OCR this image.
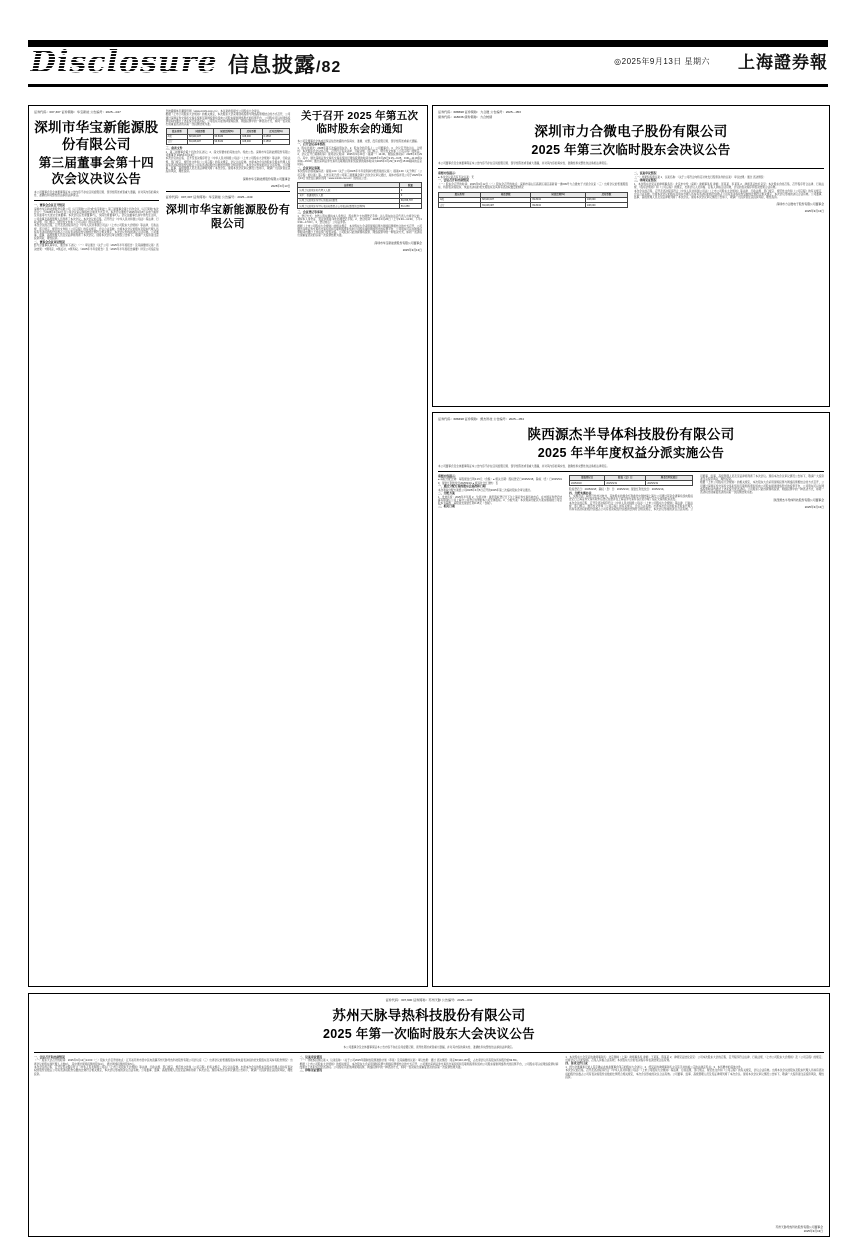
Disclosure 信息披露/82	◎2025年9月13日 星期六 上海證券報
证券代码：007,307 证券简称：华宝新能 公告编号：2025—047
深圳市华宝新能源股份有限公司
第三届董事会第十四次会议决议公告
本公司董事会及全体董事保证本公告内容不存在任何虚假记载、误导性陈述或者重大遗漏，并对其内容的真实性、准确性和完整性依法承担法律责任。
一、董事会会议召开情况
深圳市华宝新能源股份有限公司（以下简称"公司"或"华宝新能"）第三届董事会第十四次会议（以下简称"本次会议"）于2025年9月12日在公司会议室以现场结合通讯方式召开。本次会议通知于2025年9月8日以电子邮件及书面等方式送达全体董事。本次会议应出席董事7人，实际出席董事7人。会议由董事长孙中伟先生主持，公司监事及高级管理人员列席了本次会议。本次会议的召集、召开符合《中华人民共和国公司法》等法律、行政法规、部门规章、规范性文件和《公司章程》的有关规定。
本次会议的召集、召开及表决程序符合《中华人民共和国公司法》《上市公司股东大会规则》等法律、行政法规、部门规章、规范性文件和《公司章程》的有关规定，会议合法有效。出席本次会议的股东及股东代理人所持有表决权的股份总数占公司有表决权股份总数的比例符合相关规定，本次会议形成的决议合法有效。公司董事、监事、高级管理人员及见证律师列席了本次会议。现将本次会议审议情况公告如下，敬请广大投资者注意投资风险，理性投资。
二、董事会会议审议情况
经与会董事认真审议，通过如下决议：（一）审议通过《关于公司〈2025年半年度报告〉及其摘要的议案》表决结果：7票同意，0票反对，0票弃权。《2025年半年度报告》及《2025年半年度报告摘要》详见公司指定信息披露媒体巨潮资讯网（www.cninfo.com.cn）。本议案尚需提交公司股东大会审议。
根据《上市公司股东大会规则》的相关规定，本次股东大会采用现场投票与网络投票相结合的方式召开，公司通过深圳证券交易所交易系统和互联网投票系统向公司股东提供网络形式的投票平台，公司股东可以在网络投票时间内通过上述系统行使表决权。公司股东只能选择现场投票、网络投票中的一种表决方式，如同一表决权出现重复表决的以第一次投票结果为准。
股东类型	同意票数	同意比例(%)	反对票数	反对比例(%)
A股	68,940,187	99.8432	108,000	0.1563
合计	69,048,487	99.8432	108,000	0.1563
三、备查文件
1、第三届董事会第十四次会议决议；2、深交所要求的其他文件。特此公告。深圳市华宝新能源股份有限公司董事会 2025年9月13日
本次会议的召集、召开及表决程序符合《中华人民共和国公司法》《上市公司股东大会规则》等法律、行政法规、部门规章、规范性文件和《公司章程》的有关规定，会议合法有效。出席本次会议的股东及股东代理人所持有表决权的股份总数占公司有表决权股份总数的比例符合相关规定，本次会议形成的决议合法有效。公司董事、监事、高级管理人员及见证律师列席了本次会议。现将本次会议审议情况公告如下，敬请广大投资者注意投资风险，理性投资。
深圳市华宝新能源股份有限公司董事会
2025年9月13日
证券代码：007,307 证券简称：华宝新能 公告编号：2025—049
深圳市华宝新能源股份有限公司
关于召开 2025 年第五次临时股东会的通知
本公司及董事会全体成员保证信息披露的内容真实、准确、完整，没有虚假记载、误导性陈述或重大遗漏。
一、召开会议基本情况
1、股东会届次：2025年第五次临时股东会。2、股东会的召集人：公司董事会。3、会议召开的合法、合规性：本次股东会会议的召集、召开符合有关法律、行政法规、部门规章、规范性文件和《公司章程》的规定。4、会议召开日期和时间：现场会议时间：2025年9月29日（星期一）14:30。网络投票时间：2025年9月29日。其中，通过深圳证券交易所交易系统进行网络投票的时间为2025年9月29日9:15—9:25、9:30—11:30和13:00—15:00；通过深圳证券交易所互联网投票系统投票的具体时间为2025年9月29日9:15至15:00期间的任意时间。
二、会议审议事项
本次股东会提案编码表：提案1.00《关于公司2025年半年度利润分配预案的议案》；提案2.00《关于修订〈公司章程〉的议案》等。上述议案已经公司第三届董事会第十四次会议审议通过，具体内容详见公司于2025年9月13日刊登在巨潮资讯网（www.cninfo.com.cn）的相关公告。
出席项目	数量
出席会议的股东和代理人人数	9
其中：普通股股东人数	9
出席会议的股东所持有的表决权数量	69,156,787
出席会议的股东所持有表决权数量占公司表决权数量的比例(%)	56.1358
三、会议登记等事项
1、登记方式：自然人股东须持本人身份证、股东账户卡办理登记手续；法人股东由法定代表人出席会议的，须持本人身份证、营业执照复印件办理登记手续。2、登记时间：2025年9月26日（上午9:30—11:30，下午13:30—17:00）。3、登记地点：公司证券部。
根据《上市公司股东大会规则》的相关规定，本次股东大会采用现场投票与网络投票相结合的方式召开，公司通过深圳证券交易所交易系统和互联网投票系统向公司股东提供网络形式的投票平台，公司股东可以在网络投票时间内通过上述系统行使表决权。公司股东只能选择现场投票、网络投票中的一种表决方式，如同一表决权出现重复表决的以第一次投票结果为准。
深圳市华宝新能源股份有限公司董事会
2025年9月13日
证券代码：688698 证券简称：力合微 公告编号：2025—053
债券代码：118036 债券简称：力合转债
深圳市力合微电子股份有限公司
2025 年第三次临时股东会决议公告
本公司董事会及全体董事保证本公告内容不存在任何虚假记载、误导性陈述或者重大遗漏，并对其内容的真实性、准确性和完整性依法承担法律责任。
重要内容提示：
● 本次会议是否有否决议案：无
一、会议召开和出席情况
（一）股东会召开的时间：2025年9月12日（二）股东会召开的地点：深圳市南山区高新区南区高新南一道009号力合微电子大厦会议室（三）出席会议的普通股股东、特别表决权股东、恢复表决权的优先股股东及其持有表决权数量的情况
股东类型	同意票数	同意比例(%)	反对票数
A股	68,940,187	99.8432	108,000
合计	69,048,487	99.8432	108,000
二、议案审议情况
（一）非累积投票议案 1、议案名称：《关于公司符合向特定对象发行股票条件的议案》 审议结果：通过 表决情况：
三、律师见证情况
1、本次股东会见证的律师事务所：北京市中伦（深圳）律师事务所 律师：张某某、李某某 2、律师见证结论意见：本次股东会的召集、召开程序符合法律、行政法规、《股东会规则》和《公司章程》的规定，出席会议人员资格、召集人资格合法有效，会议的表决程序和表决结果合法有效。
本次会议的召集、召开及表决程序符合《中华人民共和国公司法》《上市公司股东大会规则》等法律、行政法规、部门规章、规范性文件和《公司章程》的有关规定，会议合法有效。出席本次会议的股东及股东代理人所持有表决权的股份总数占公司有表决权股份总数的比例符合相关规定，本次会议形成的决议合法有效。公司董事、监事、高级管理人员及见证律师列席了本次会议。现将本次会议审议情况公告如下，敬请广大投资者注意投资风险，理性投资。
深圳市力合微电子股份有限公司董事会
2025年9月13日
证券代码：688498 证券简称：源杰科技 公告编号：2025—054
陕西源杰半导体科技股份有限公司
2025 年半年度权益分派实施公告
本公司董事会及全体董事保证本公告内容不存在任何虚假记载、误导性陈述或者重大遗漏，并对其内容的真实性、准确性和完整性依法承担法律责任。
重要内容提示：
● 每股分配比例：每股现金红利0.15元（含税）● 相关日期：股权登记日2025/9/18，除权（息）日2025/9/19，现金红利发放日2025/9/19 ● 差异化分红送转：否
一、通过分配方案的股东会届次和日期
本次利润分配方案经公司2025年9月5日召开的2025年第二次临时股东会审议通过。
二、分配方案
1、发放年度：2025年半年度 2、分派对象：截至股权登记日下午上海证券交易所收市后，在中国证券登记结算有限责任公司上海分公司登记在册的本公司全体股东。3、分配方案：本次利润分配以方案实施前的公司总股本为基数，每股派发现金红利0.15元（含税）。
三、相关日期
股权登记日	除权（息）日	现金红利发放日
2025/9/18	2025/9/19	2025/9/19
股权登记日：2025/9/18；除权（息）日：2025/9/19；现金红利发放日：2025/9/19。
四、分配实施办法
1、实施办法：除自行发放对象外，其他股东的现金红利委托中国结算上海分公司通过其资金清算系统向股权登记日上海证券交易所收市后登记在册并在上海证券交易所各会员办理了指定交易的股东派发。
本次会议的召集、召开及表决程序符合《中华人民共和国公司法》《上市公司股东大会规则》等法律、行政法规、部门规章、规范性文件和《公司章程》的有关规定，会议合法有效。出席本次会议的股东及股东代理人所持有表决权的股份总数占公司有表决权股份总数的比例符合相关规定，本次会议形成的决议合法有效。公司董事、监事、高级管理人员及见证律师列席了本次会议。现将本次会议审议情况公告如下，敬请广大投资者注意投资风险，理性投资。
根据《上市公司股东大会规则》的相关规定，本次股东大会采用现场投票与网络投票相结合的方式召开，公司通过深圳证券交易所交易系统和互联网投票系统向公司股东提供网络形式的投票平台，公司股东可以在网络投票时间内通过上述系统行使表决权。公司股东只能选择现场投票、网络投票中的一种表决方式，如同一表决权出现重复表决的以第一次投票结果为准。
陕西源杰半导体科技股份有限公司董事会
2025年9月13日
证券代码：307,600 证券简称：苏州天脉 公告编号：2025—032
苏州天脉导热科技股份有限公司
2025 年第一次临时股东大会决议公告
本公司董事会及全体董事保证本公告内容不存在任何虚假记载、误导性陈述或者重大遗漏，并对其内容的真实性、准确性和完整性依法承担法律责任。
一、会议召开和出席情况
（一）股东大会召开的时间：2025年9月12日14:00（二）股东大会召开的地点：江苏省苏州市吴中区甪直镇苏州天脉导热科技股份有限公司会议室（三）出席会议的普通股股东和恢复表决权的优先股股东及其持有股份情况：出席会议的股东和代理人人数9人，其中通过现场投票的股东4人，通过网络投票的股东5人。
本次会议的召集、召开及表决程序符合《中华人民共和国公司法》《上市公司股东大会规则》等法律、行政法规、部门规章、规范性文件和《公司章程》的有关规定，会议合法有效。出席本次会议的股东及股东代理人所持有表决权的股份总数占公司有表决权股份总数的比例符合相关规定，本次会议形成的决议合法有效。公司董事、监事、高级管理人员及见证律师列席了本次会议。现将本次会议审议情况公告如下，敬请广大投资者注意投资风险，理性投资。
二、议案审议情况
（一）非累积投票议案 1、议案名称：《关于公司2025年限制性股票激励计划（草案）及其摘要的议案》审议结果：通过 表决情况：同意68,940,187股，占出席会议所有股东所持股份的99.8%。
根据《上市公司股东大会规则》的相关规定，本次股东大会采用现场投票与网络投票相结合的方式召开，公司通过深圳证券交易所交易系统和互联网投票系统向公司股东提供网络形式的投票平台，公司股东可以在网络投票时间内通过上述系统行使表决权。公司股东只能选择现场投票、网络投票中的一种表决方式，如同一表决权出现重复表决的以第一次投票结果为准。
三、律师见证情况
1、本次股东大会见证的律师事务所：北京国枫（上海）律师事务所 律师：王某某、陈某某 2、律师见证结论意见：公司本次股东大会的召集、召开程序符合法律、行政法规、《上市公司股东大会规则》及《公司章程》的规定；出席会议人员的资格、召集人资格合法有效；本次股东大会的表决程序和表决结果合法有效。
四、备查文件目录
1、经与会董事和记录人签字确认并加盖董事会印章的股东大会决议；2、经见证的律师事务所主任签字并加盖公章的法律意见书；3、本所要求的其他文件。
本次会议的召集、召开及表决程序符合《中华人民共和国公司法》《上市公司股东大会规则》等法律、行政法规、部门规章、规范性文件和《公司章程》的有关规定，会议合法有效。出席本次会议的股东及股东代理人所持有表决权的股份总数占公司有表决权股份总数的比例符合相关规定，本次会议形成的决议合法有效。公司董事、监事、高级管理人员及见证律师列席了本次会议。现将本次会议审议情况公告如下，敬请广大投资者注意投资风险，理性投资。
苏州天脉导热科技股份有限公司董事会
2025年9月13日
